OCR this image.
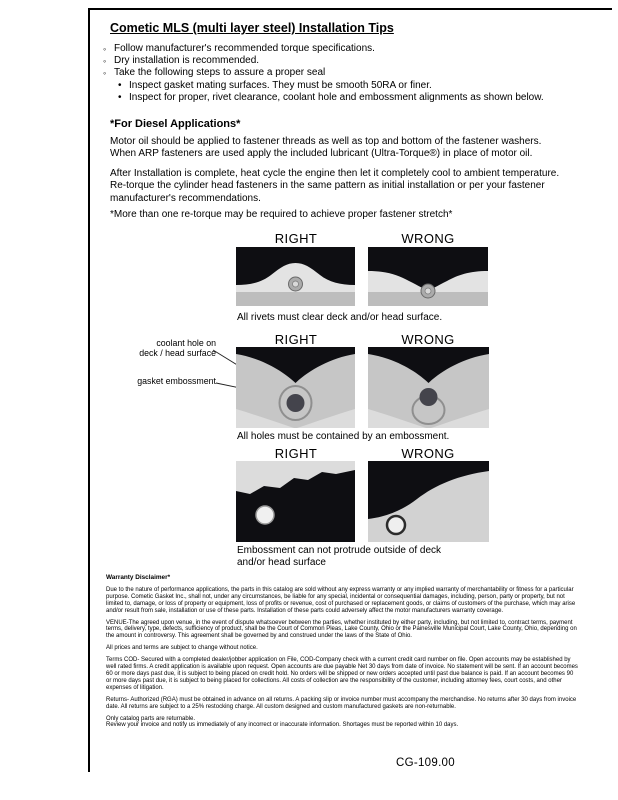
Cometic MLS (multi layer steel) Installation Tips
◦ Follow manufacturer's recommended torque specifications.
◦ Dry installation is recommended.
◦ Take the following steps to assure a proper seal
• Inspect gasket mating surfaces. They must be smooth 50RA or finer.
• Inspect for proper, rivet clearance, coolant hole and embossment alignments as shown below.
*For Diesel Applications*

Motor oil should be applied to fastener threads as well as top and bottom of the fastener washers. When ARP fasteners are used apply the included lubricant (Ultra-Torque®) in place of motor oil.

After Installation is complete, heat cycle the engine then let it completely cool to ambient temperature. Re-torque the cylinder head fasteners in the same pattern as initial installation or per your fastener manufacturer's recommendations.

*More than one re-torque may be required to achieve proper fastener stretch*

RIGHT	WRONG
All rivets must clear deck and/or head surface.
RIGHT	WRONG
coolant hole on
deck / head surface
gasket embossment
All holes must be contained by an embossment.
RIGHT	WRONG
Embossment can not protrude outside of deck and/or head surface
Warranty Disclaimer*

Due to the nature of performance applications, the parts in this catalog are sold without any express warranty or any implied warranty of merchantability or fitness for a particular purpose. Cometic Gasket Inc., shall not, under any circumstances, be liable for any special, incidental or consequential damages, including, person, party or property, but not limited to, damage, or loss of property or equipment, loss of profits or revenue, cost of purchased or replacement goods, or claims of customers of the purchase, which may arise and/or result from sale, installation or use of these parts. Installation of these parts could adversely affect the motor manufacturers warranty coverage.

VENUE-The agreed upon venue, in the event of dispute whatsoever between the parties, whether instituted by either party, including, but not limited to, contract terms, payment terms, delivery, type, defects, sufficiency of product, shall be the Court of Common Pleas, Lake County, Ohio or the Painesville Municipal Court, Lake County, Ohio, depending on the amount in controversy. This agreement shall be governed by and construed under the laws of the State of Ohio.

All prices and terms are subject to change without notice.

Terms COD- Secured with a completed dealer/jobber application on File, COD-Company check with a current credit card number on file. Open accounts may be established by well rated firms. A credit application is available upon request. Open accounts are due payable Net 30 days from date of invoice. No statement will be sent. If an account becomes 60 or more days past due, it is subject to being placed on credit hold. No orders will be shipped or new orders accepted until past due balance is paid. If an account becomes 90 or more days past due, it is subject to being placed for collections. All costs of collection are the responsibility of the customer, including attorney fees, court costs, and other expenses of litigation.

Returns- Authorized (RGA) must be obtained in advance on all returns. A packing slip or invoice number must accompany the merchandise. No returns after 30 days from invoice date. All returns are subject to a 25% restocking charge. All custom designed and custom manufactured gaskets are non-returnable.

Only catalog parts are returnable.

Review your invoice and notify us immediately of any incorrect or inaccurate information. Shortages must be reported within 10 days.

CG-109.00
